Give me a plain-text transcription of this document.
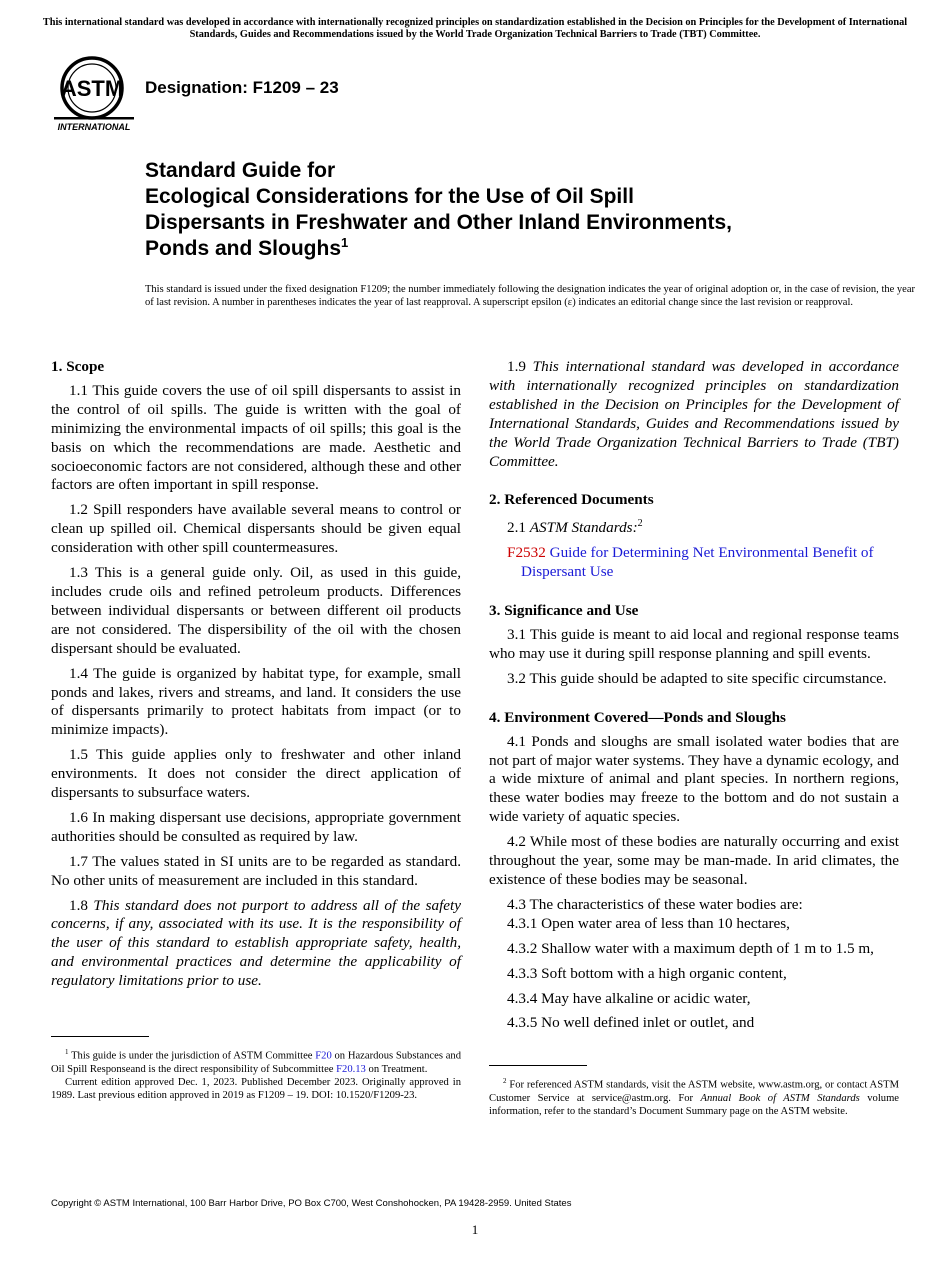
This international standard was developed in accordance with internationally recognized principles on standardization established in the Decision on Principles for the Development of International Standards, Guides and Recommendations issued by the World Trade Organization Technical Barriers to Trade (TBT) Committee.
ASTM
INTERNATIONAL
Designation: F1209 – 23
Standard Guide for
Ecological Considerations for the Use of Oil Spill
Dispersants in Freshwater and Other Inland Environments,
Ponds and Sloughs$^1$
This standard is issued under the fixed designation F1209; the number immediately following the designation indicates the year of original adoption or, in the case of revision, the year of last revision. A number in parentheses indicates the year of last reapproval. A superscript epsilon (ε) indicates an editorial change since the last revision or reapproval.
1. Scope

1.1 This guide covers the use of oil spill dispersants to assist in the control of oil spills. The guide is written with the goal of minimizing the environmental impacts of oil spills; this goal is the basis on which the recommendations are made. Aesthetic and socioeconomic factors are not considered, although these and other factors are often important in spill response.

1.2 Spill responders have available several means to control or clean up spilled oil. Chemical dispersants should be given equal consideration with other spill countermeasures.

1.3 This is a general guide only. Oil, as used in this guide, includes crude oils and refined petroleum products. Differences between individual dispersants or between different oil products are not considered. The dispersibility of the oil with the chosen dispersant should be evaluated.

1.4 The guide is organized by habitat type, for example, small ponds and lakes, rivers and streams, and land. It considers the use of dispersants primarily to protect habitats from impact (or to minimize impacts).

1.5 This guide applies only to freshwater and other inland environments. It does not consider the direct application of dispersants to subsurface waters.

1.6 In making dispersant use decisions, appropriate government authorities should be consulted as required by law.

1.7 The values stated in SI units are to be regarded as standard. No other units of measurement are included in this standard.

1.8 This standard does not purport to address all of the safety concerns, if any, associated with its use. It is the responsibility of the user of this standard to establish appropriate safety, health, and environmental practices and determine the applicability of regulatory limitations prior to use.

1.9 This international standard was developed in accordance with internationally recognized principles on standardization established in the Decision on Principles for the Development of International Standards, Guides and Recommendations issued by the World Trade Organization Technical Barriers to Trade (TBT) Committee.

2. Referenced Documents

2.1 ASTM Standards:$^2$

F2532 Guide for Determining Net Environmental Benefit of Dispersant Use

3. Significance and Use

3.1 This guide is meant to aid local and regional response teams who may use it during spill response planning and spill events.

3.2 This guide should be adapted to site specific circumstance.

4. Environment Covered—Ponds and Sloughs

4.1 Ponds and sloughs are small isolated water bodies that are not part of major water systems. They have a dynamic ecology, and a wide mixture of animal and plant species. In northern regions, these water bodies may freeze to the bottom and do not sustain a wide variety of aquatic species.

4.2 While most of these bodies are naturally occurring and exist throughout the year, some may be man-made. In arid climates, the existence of these bodies may be seasonal.

4.3 The characteristics of these water bodies are:

4.3.1 Open water area of less than 10 hectares,

4.3.2 Shallow water with a maximum depth of 1 m to 1.5 m,

4.3.3 Soft bottom with a high organic content,

4.3.4 May have alkaline or acidic water,

4.3.5 No well defined inlet or outlet, and

$^1$ This guide is under the jurisdiction of ASTM Committee F20 on Hazardous Substances and Oil Spill Responseand is the direct responsibility of Subcommittee F20.13 on Treatment.

Current edition approved Dec. 1, 2023. Published December 2023. Originally approved in 1989. Last previous edition approved in 2019 as F1209 – 19. DOI: 10.1520/F1209-23.

$^2$ For referenced ASTM standards, visit the ASTM website, www.astm.org, or contact ASTM Customer Service at service@astm.org. For Annual Book of ASTM Standards volume information, refer to the standard’s Document Summary page on the ASTM website.

Copyright © ASTM International, 100 Barr Harbor Drive, PO Box C700, West Conshohocken, PA 19428-2959. United States
1
